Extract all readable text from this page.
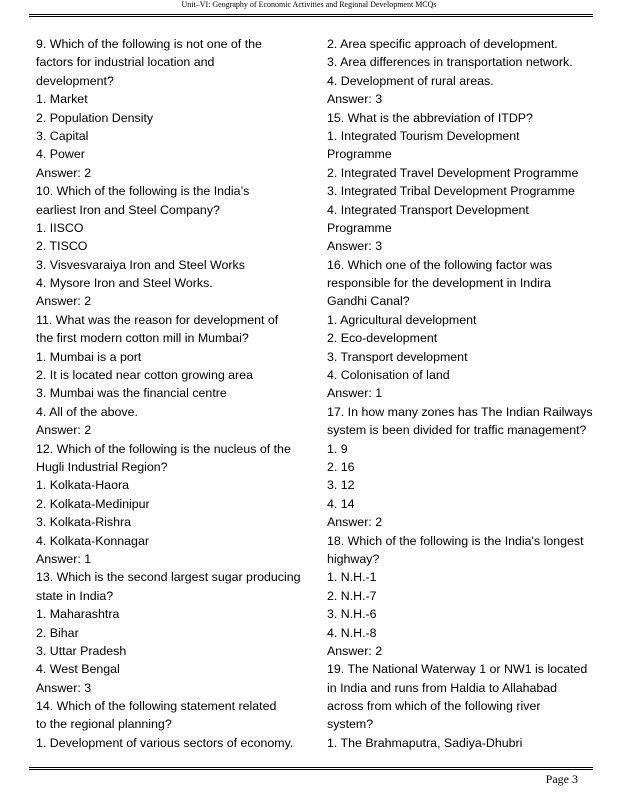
Unit–VI: Geography of Economic Activities and Regional Development MCQs
9. Which of the following is not one of the
factors for industrial location and
development?
1. Market
2. Population Density
3. Capital
4. Power
Answer: 2
10. Which of the following is the India’s
earliest Iron and Steel Company?
1. IISCO
2. TISCO
3. Visvesvaraiya Iron and Steel Works
4. Mysore Iron and Steel Works.
Answer: 2
11. What was the reason for development of
the first modern cotton mill in Mumbai?
1. Mumbai is a port
2. It is located near cotton growing area
3. Mumbai was the financial centre
4. All of the above.
Answer: 2
12. Which of the following is the nucleus of the
Hugli Industrial Region?
1. Kolkata-Haora
2. Kolkata-Medinipur
3. Kolkata-Rishra
4. Kolkata-Konnagar
Answer: 1
13. Which is the second largest sugar producing
state in India?
1. Maharashtra
2. Bihar
3. Uttar Pradesh
4. West Bengal
Answer: 3
14. Which of the following statement related
to the regional planning?
1. Development of various sectors of economy.
2. Area specific approach of development.
3. Area differences in transportation network.
4. Development of rural areas.
Answer: 3
15. What is the abbreviation of ITDP?
1. Integrated Tourism Development
Programme
2. Integrated Travel Development Programme
3. Integrated Tribal Development Programme
4. Integrated Transport Development
Programme
Answer: 3
16. Which one of the following factor was
responsible for the development in Indira
Gandhi Canal?
1. Agricultural development
2. Eco-development
3. Transport development
4. Colonisation of land
Answer: 1
17. In how many zones has The Indian Railways
system is been divided for traffic management?
1. 9
2. 16
3. 12
4. 14
Answer: 2
18. Which of the following is the India's longest
highway?
1. N.H.-1
2. N.H.-7
3. N.H.-6
4. N.H.-8
Answer: 2
19. The National Waterway 1 or NW1 is located
in India and runs from Haldia to Allahabad
across from which of the following river
system?
1. The Brahmaputra, Sadiya-Dhubri
Page 3
